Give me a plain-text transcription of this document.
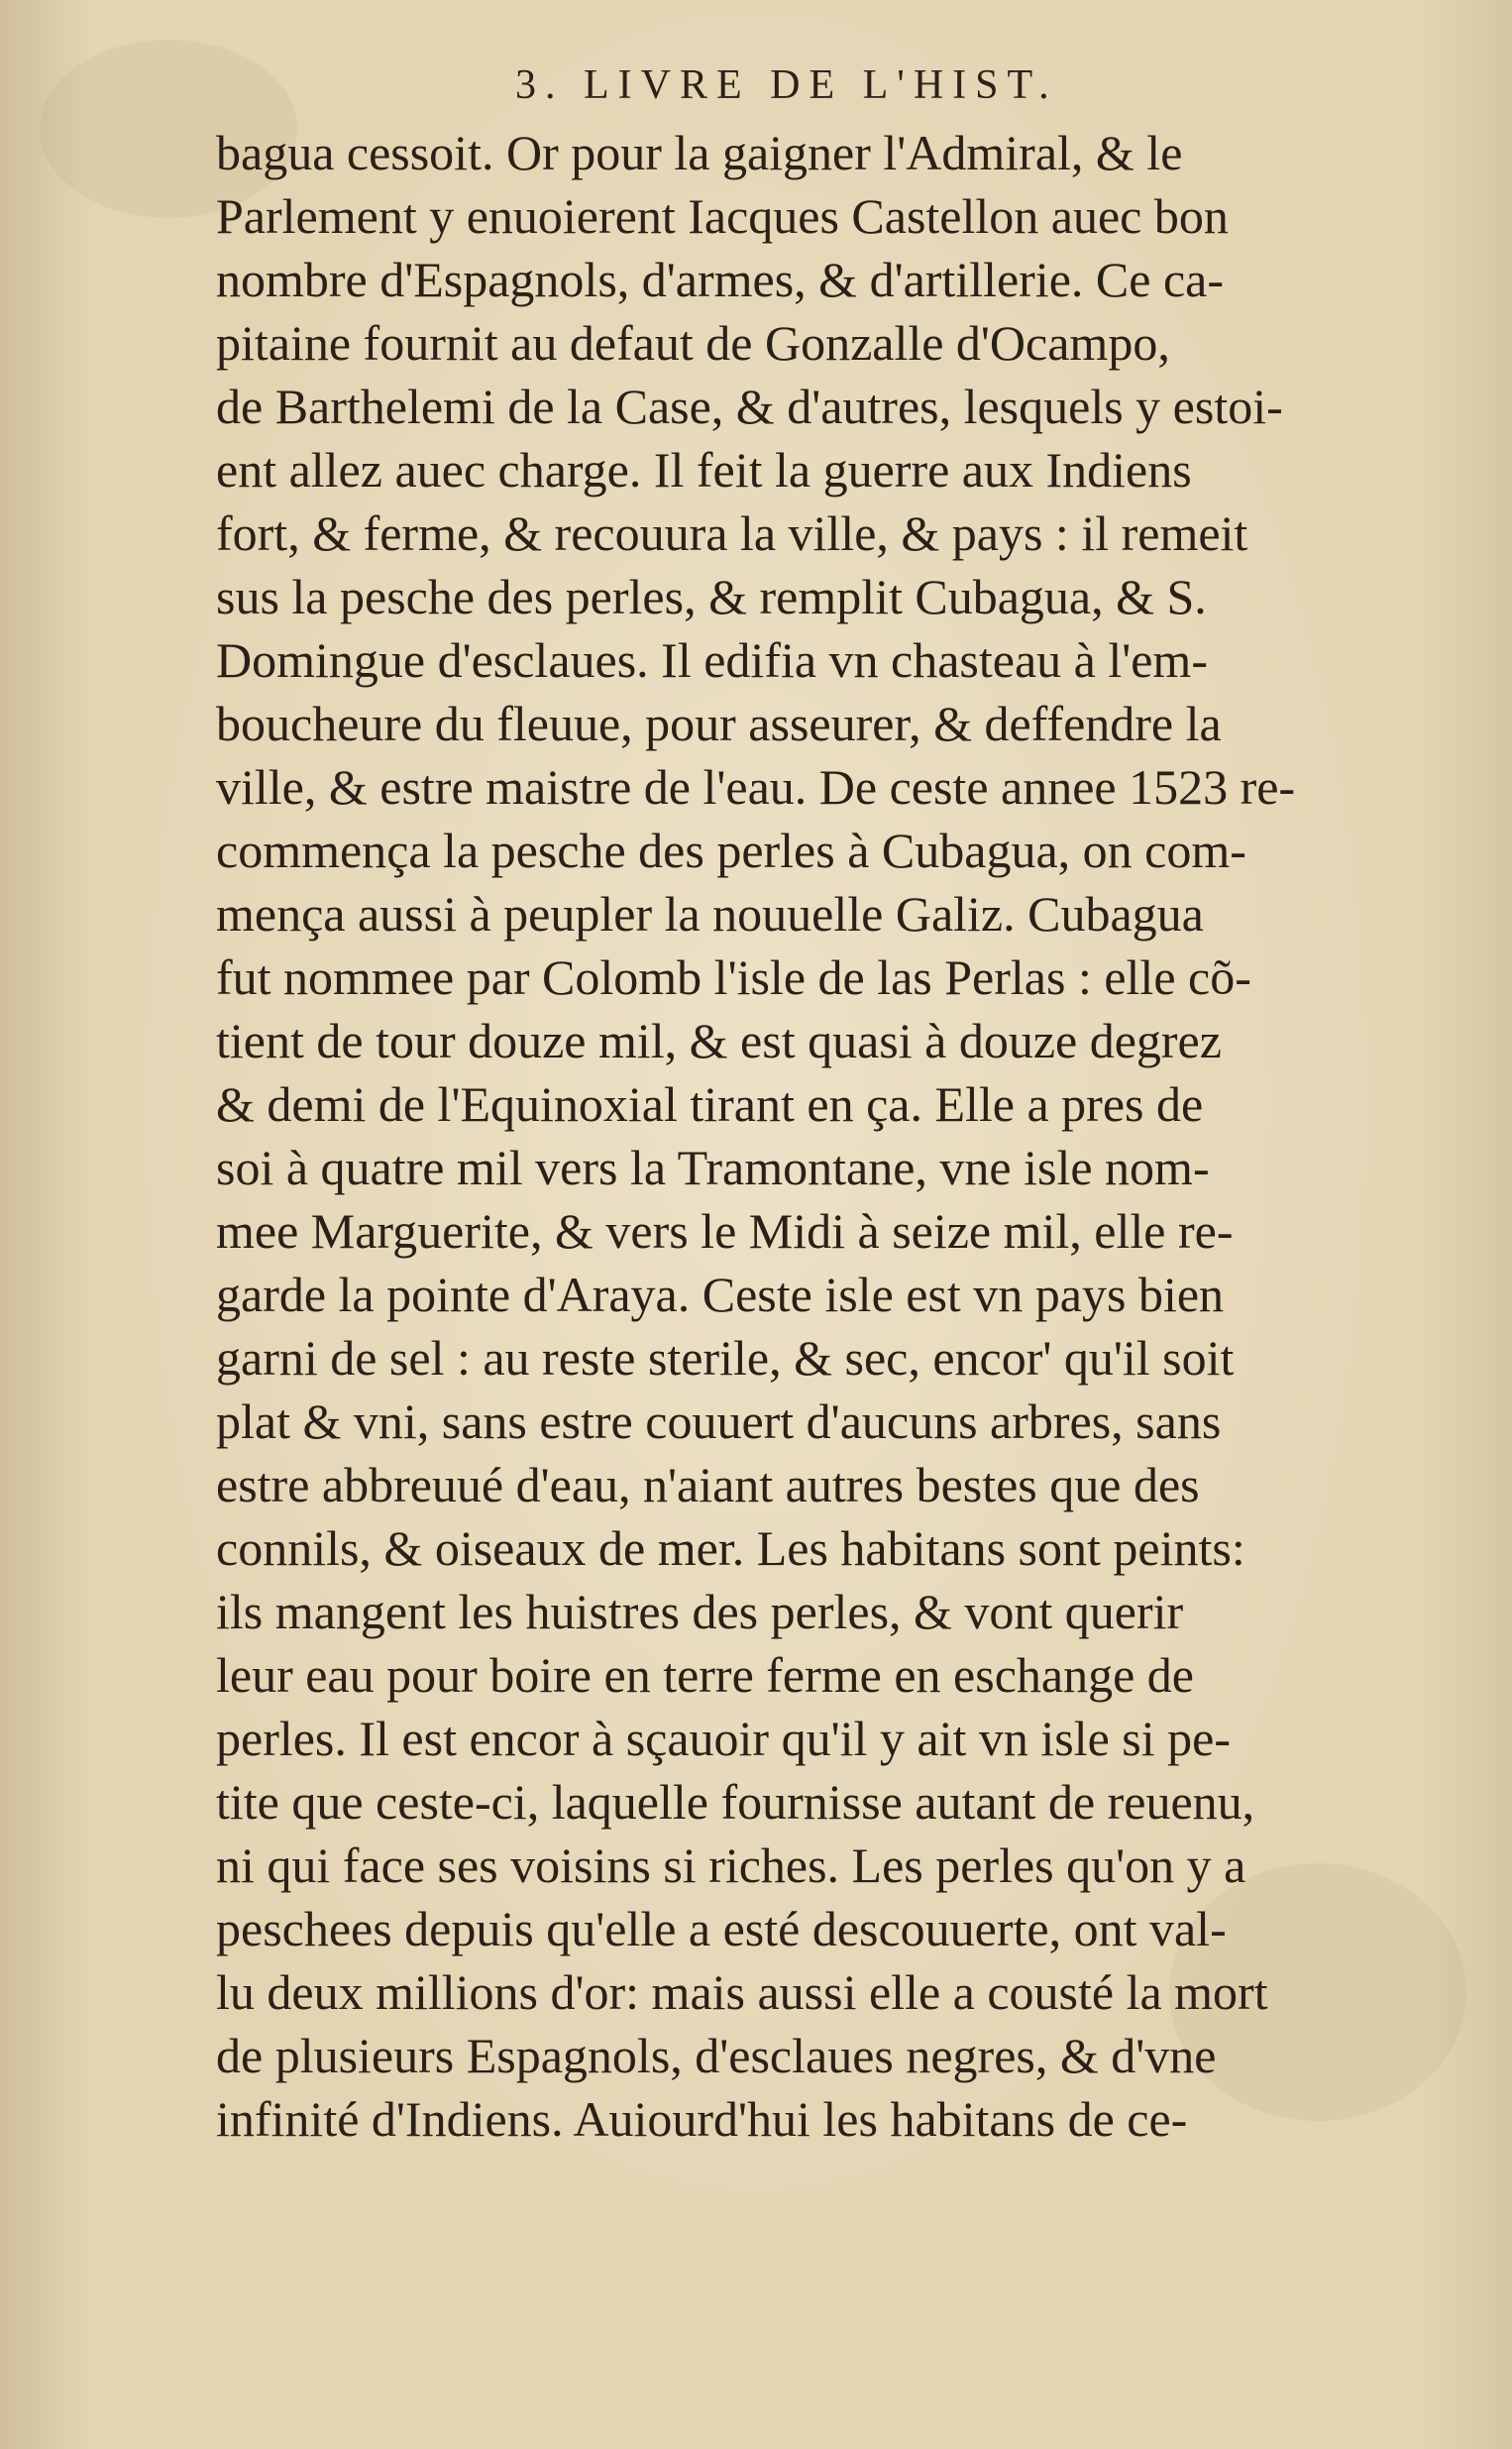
3. LIVRE DE L'HIST.
bagua cessoit. Or pour la gaigner l'Admiral, & le
Parlement y enuoierent Iacques Castellon auec bon
nombre d'Espagnols, d'armes, & d'artillerie. Ce ca-
pitaine fournit au defaut de Gonzalle d'Ocampo,
de Barthelemi de la Case, & d'autres, lesquels y estoi-
ent allez auec charge. Il feit la guerre aux Indiens
fort, & ferme, & recouura la ville, & pays : il remeit
sus la pesche des perles, & remplit Cubagua, & S.
Domingue d'esclaues. Il edifia vn chasteau à l'em-
boucheure du fleuue, pour asseurer, & deffendre la
ville, & estre maistre de l'eau. De ceste annee 1523 re-
commença la pesche des perles à Cubagua, on com-
mença aussi à peupler la nouuelle Galiz. Cubagua
fut nommee par Colomb l'isle de las Perlas : elle cõ-
tient de tour douze mil, & est quasi à douze degrez
& demi de l'Equinoxial tirant en ça. Elle a pres de
soi à quatre mil vers la Tramontane, vne isle nom-
mee Marguerite, & vers le Midi à seize mil, elle re-
garde la pointe d'Araya. Ceste isle est vn pays bien
garni de sel : au reste sterile, & sec, encor' qu'il soit
plat & vni, sans estre couuert d'aucuns arbres, sans
estre abbreuué d'eau, n'aiant autres bestes que des
connils, & oiseaux de mer. Les habitans sont peints:
ils mangent les huistres des perles, & vont querir
leur eau pour boire en terre ferme en eschange de
perles. Il est encor à sçauoir qu'il y ait vn isle si pe-
tite que ceste-ci, laquelle fournisse autant de reuenu,
ni qui face ses voisins si riches. Les perles qu'on y a
peschees depuis qu'elle a esté descouuerte, ont val-
lu deux millions d'or: mais aussi elle a cousté la mort
de plusieurs Espagnols, d'esclaues negres, & d'vne
infinité d'Indiens. Auiourd'hui les habitans de ce-
